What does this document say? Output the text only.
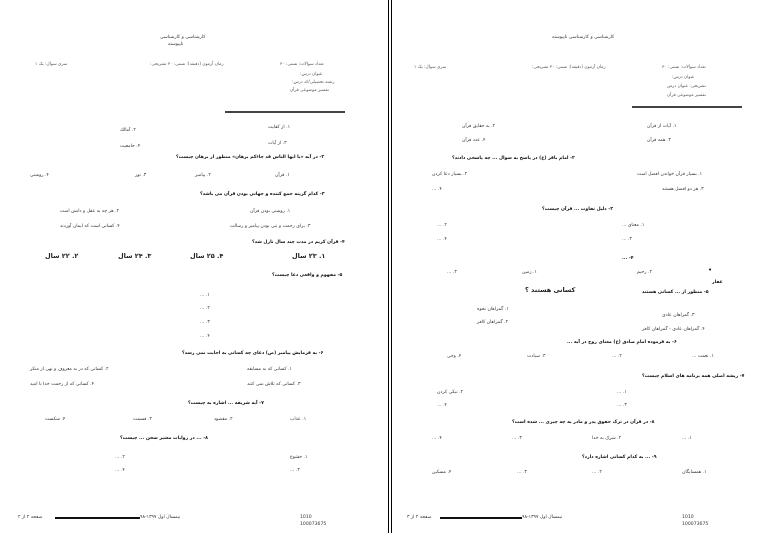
کارشناسی و کارشناسی
ناپیوسته
تعداد سوالات: تستی: ۳۰
زمان آزمون (دقیقه): تستی: ۳۰ تشریحی:
سری سوال: یک ۱
عنوان درس:
رشته تحصیلی/کد درس:
تفسیر موضوعی قرآن
۱. از کفایت
۲. آمالك
۳. از آیات
۴. جامعیت
۲- در آیه «یا ایها الناس قد جاءکم برهان» منظور از برهان چیست؟
۱. قرآن
۲. پیامبر
۳. نور
۴. روشنی
۳- کدام گزینه جمع کننده و جهانی بودن قرآن می باشد؟
۱. روشنی بودن قرآن
۲. هر چه به عقل و دانش است
۳. برای رحمت و نبی بودن پیامبر و رسالت
۴. کسانی است که ایمان آوردند
۴- قرآن کریم در مدت چند سال نازل شد؟
۱. ۲۳ سال
۴. ۲۵ سال
۳. ۲۴ سال
۲. ۲۲ سال
۵- مفهوم و واقعی دعا چیست؟
۱. ...
۲. ...
۳. ...
۴. ...
۶- به فرمایش پیامبر (ص) دعای چه کسانی به اجابت نمی رسد؟
۱. کسانی که به مسابقه
۲. کسانی که در به معروف و نهی از منکر
۳. کسانی که تلاش نمی کنند
۴. کسانی که از رحمت خدا نا امید
۷- آیه شریفه ... اشاره به چیست؟
۱. عذاب
۲. مقصود
۳. قسمت
۴. شکست
۸- ... در روایات معتبر سخن ... چیست؟
۱. خشوع
۲. ...
۳. ...
۴. ...
1010
100073675
نیمسال اول ۱۳۹۷-۹۸
صفحه ۲ از ۲
کارشناسی و کارشناسی ناپیوسته
تعداد سوالات: تستی: ۳۰
زمان آزمون (دقیقه): تستی: ۳۰ تشریحی:
سری سوال: یک ۱
عنوان درس:
تشریحی: عنوان درس
تفسیر موضوعی قرآن
۱. آیات از قرآن
۲. به حقایق قرآن
۳. همه قرآن
۴. عدد قرآن
۲- امام باقر (ع) در پاسخ به سوال ... چه پاسخی دادند؟
۱. بسیار قرآن خواندن افضل است
۲. بسیار دعا کردن
۳. هر دو افضل هستند
۴. ...
۳- دلیل تفاوت ... قرآن چیست؟
۱. معنای ...
۲. ...
۳. ...
۴. ...
۴- ...
۲. رحیم
۱. زمین
۳. ...	•
غفار
۵- منظور از ... کسانی هستند
کسانی هستند ؟
۱. گمراهان نحوه
۳. گمراهان عادی
۲. گمراهان کافر
۴. گمراهان عادی - گمراهان کافر
۶- به فرموده امام صادق (ع) معنای روح در آیه ...
۱. نعمت ...
۲. ...
۳. سیادت
۴. وحی
۷- ریشه اصلی همه برنامه های اسلام چیست؟
۱. ...
۲. نیکی کردن
۳. ...
۴. ...
۸- در قرآن در ترک حقوق پدر و مادر به چه چیزی ... شده است؟
۱. ...
۲. شرک به خدا
۳. ...
۴. ...
۹- ... به کدام کسانی اشاره دارد؟
۱. همسایگان
۲. ...
۳. ...
۴. مسکین
1010
100073675
نیمسال اول ۱۳۹۷-۹۸
صفحه ۲ از ۳
